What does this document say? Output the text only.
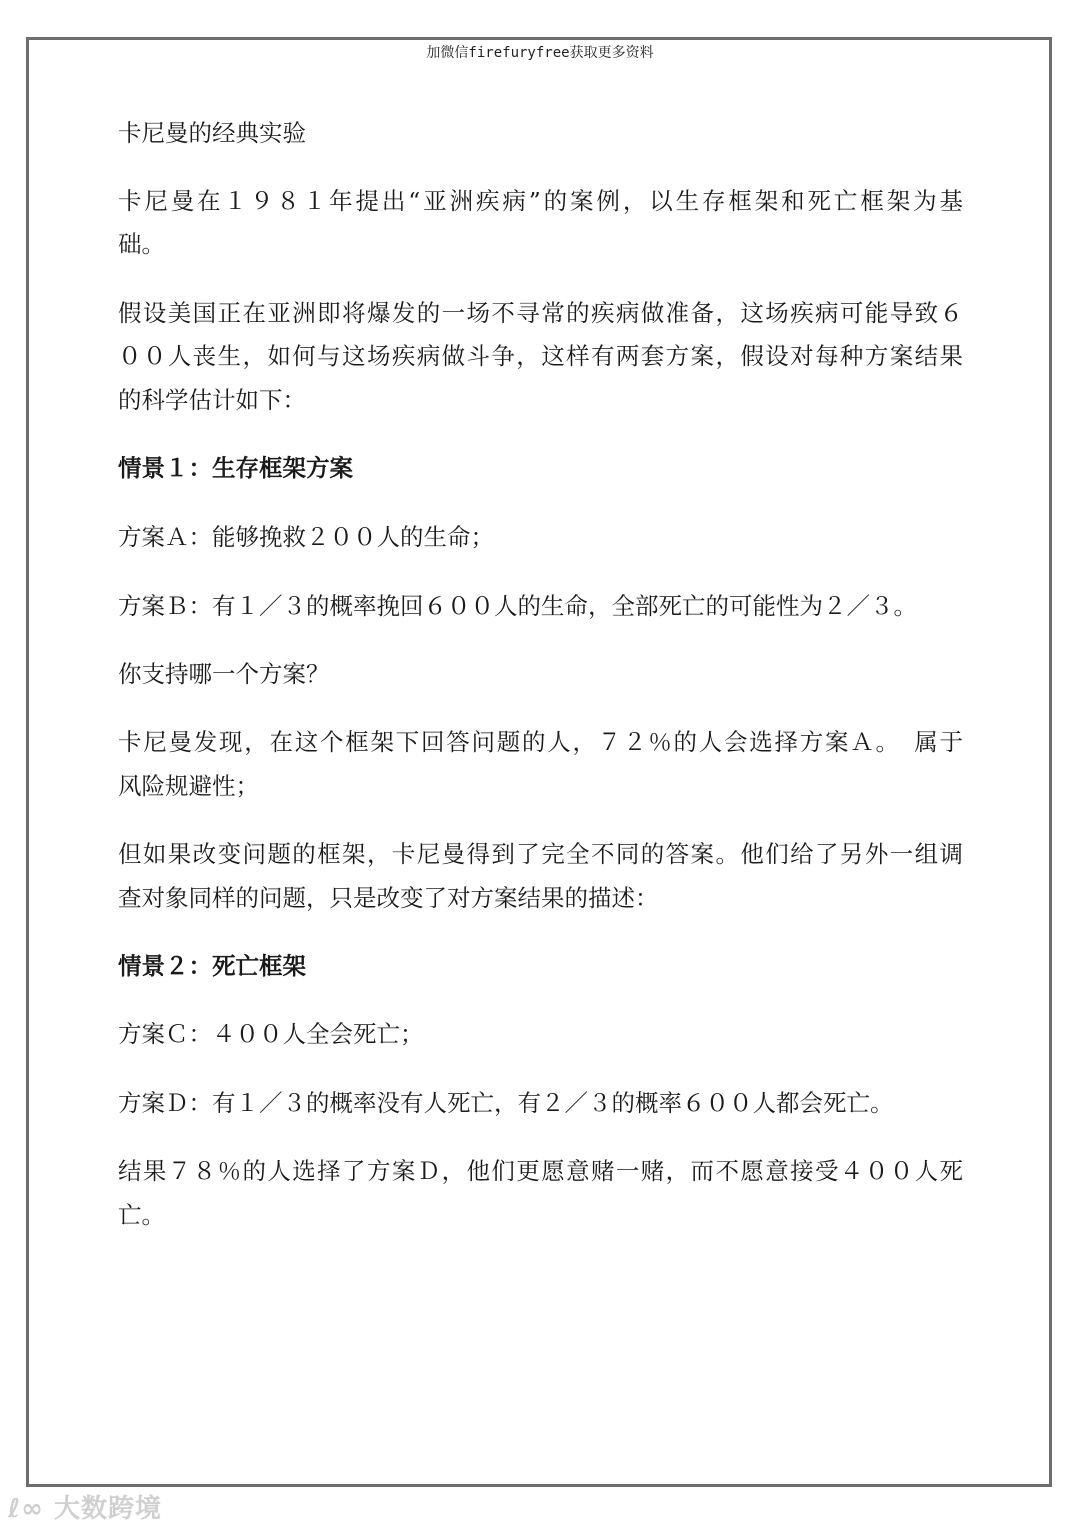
加微信firefuryfree获取更多资料
卡尼曼的经典实验
卡尼曼在１９８１年提出“亚洲疾病”的案例，以生存框架和死亡框架为基
础。
假设美国正在亚洲即将爆发的一场不寻常的疾病做准备，这场疾病可能导致６
００人丧生，如何与这场疾病做斗争，这样有两套方案，假设对每种方案结果
的科学估计如下：
情景１：生存框架方案
方案Ａ：能够挽救２００人的生命；
方案Ｂ：有１／３的概率挽回６００人的生命，全部死亡的可能性为２／３。
你支持哪一个方案？
卡尼曼发现，在这个框架下回答问题的人，７２％的人会选择方案Ａ。　属于
风险规避性；
但如果改变问题的框架，卡尼曼得到了完全不同的答案。他们给了另外一组调
查对象同样的问题，只是改变了对方案结果的描述：
情景２：死亡框架
方案Ｃ：４００人全会死亡；
方案Ｄ：有１／３的概率没有人死亡，有２／３的概率６００人都会死亡。
结果７８％的人选择了方案Ｄ，他们更愿意赌一赌，而不愿意接受４００人死
亡。
ℓ∞ 大数跨境
